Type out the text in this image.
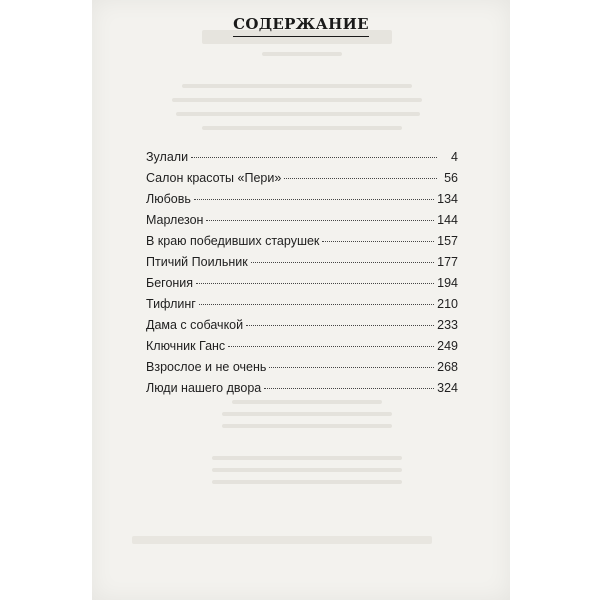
СОДЕРЖАНИЕ
Зулали	4
Салон красоты «Пери»	56
Любовь	134
Марлезон	144
В краю победивших старушек	157
Птичий Поильник	177
Бегония	194
Тифлинг	210
Дама с собачкой	233
Ключник Ганс	249
Взрослое и не очень	268
Люди нашего двора	324
